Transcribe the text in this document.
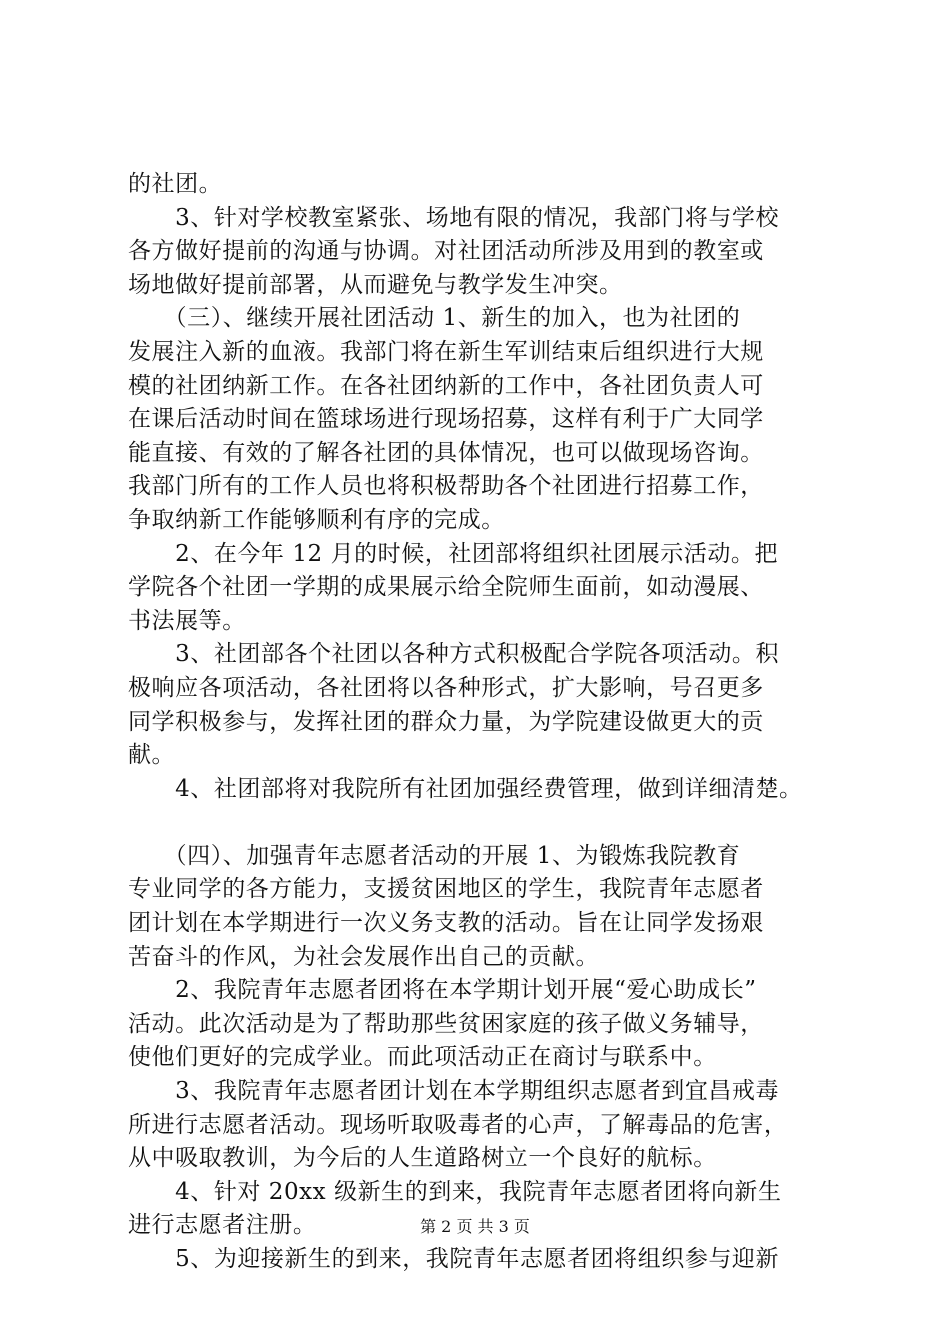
的社团。
　　3、针对学校教室紧张、场地有限的情况，我部门将与学校
各方做好提前的沟通与协调。对社团活动所涉及用到的教室或
场地做好提前部署，从而避免与教学发生冲突。
　　（三）、继续开展社团活动 1、新生的加入，也为社团的
发展注入新的血液。我部门将在新生军训结束后组织进行大规
模的社团纳新工作。在各社团纳新的工作中，各社团负责人可
在课后活动时间在篮球场进行现场招募，这样有利于广大同学
能直接、有效的了解各社团的具体情况，也可以做现场咨询。
我部门所有的工作人员也将积极帮助各个社团进行招募工作，
争取纳新工作能够顺利有序的完成。
　　2、在今年 12 月的时候，社团部将组织社团展示活动。把
学院各个社团一学期的成果展示给全院师生面前，如动漫展、
书法展等。
　　3、社团部各个社团以各种方式积极配合学院各项活动。积
极响应各项活动，各社团将以各种形式，扩大影响，号召更多
同学积极参与，发挥社团的群众力量，为学院建设做更大的贡
献。
　　4、社团部将对我院所有社团加强经费管理，做到详细清楚。
　　（四）、加强青年志愿者活动的开展 1、为锻炼我院教育
专业同学的各方能力，支援贫困地区的学生，我院青年志愿者
团计划在本学期进行一次义务支教的活动。旨在让同学发扬艰
苦奋斗的作风，为社会发展作出自己的贡献。
　　2、我院青年志愿者团将在本学期计划开展“爱心助成长”
活动。此次活动是为了帮助那些贫困家庭的孩子做义务辅导，
使他们更好的完成学业。而此项活动正在商讨与联系中。
　　3、我院青年志愿者团计划在本学期组织志愿者到宜昌戒毒
所进行志愿者活动。现场听取吸毒者的心声，了解毒品的危害，
从中吸取教训，为今后的人生道路树立一个良好的航标。
　　4、针对 20xx 级新生的到来，我院青年志愿者团将向新生
进行志愿者注册。
　　5、为迎接新生的到来，我院青年志愿者团将组织参与迎新
第 2 页 共 3 页
